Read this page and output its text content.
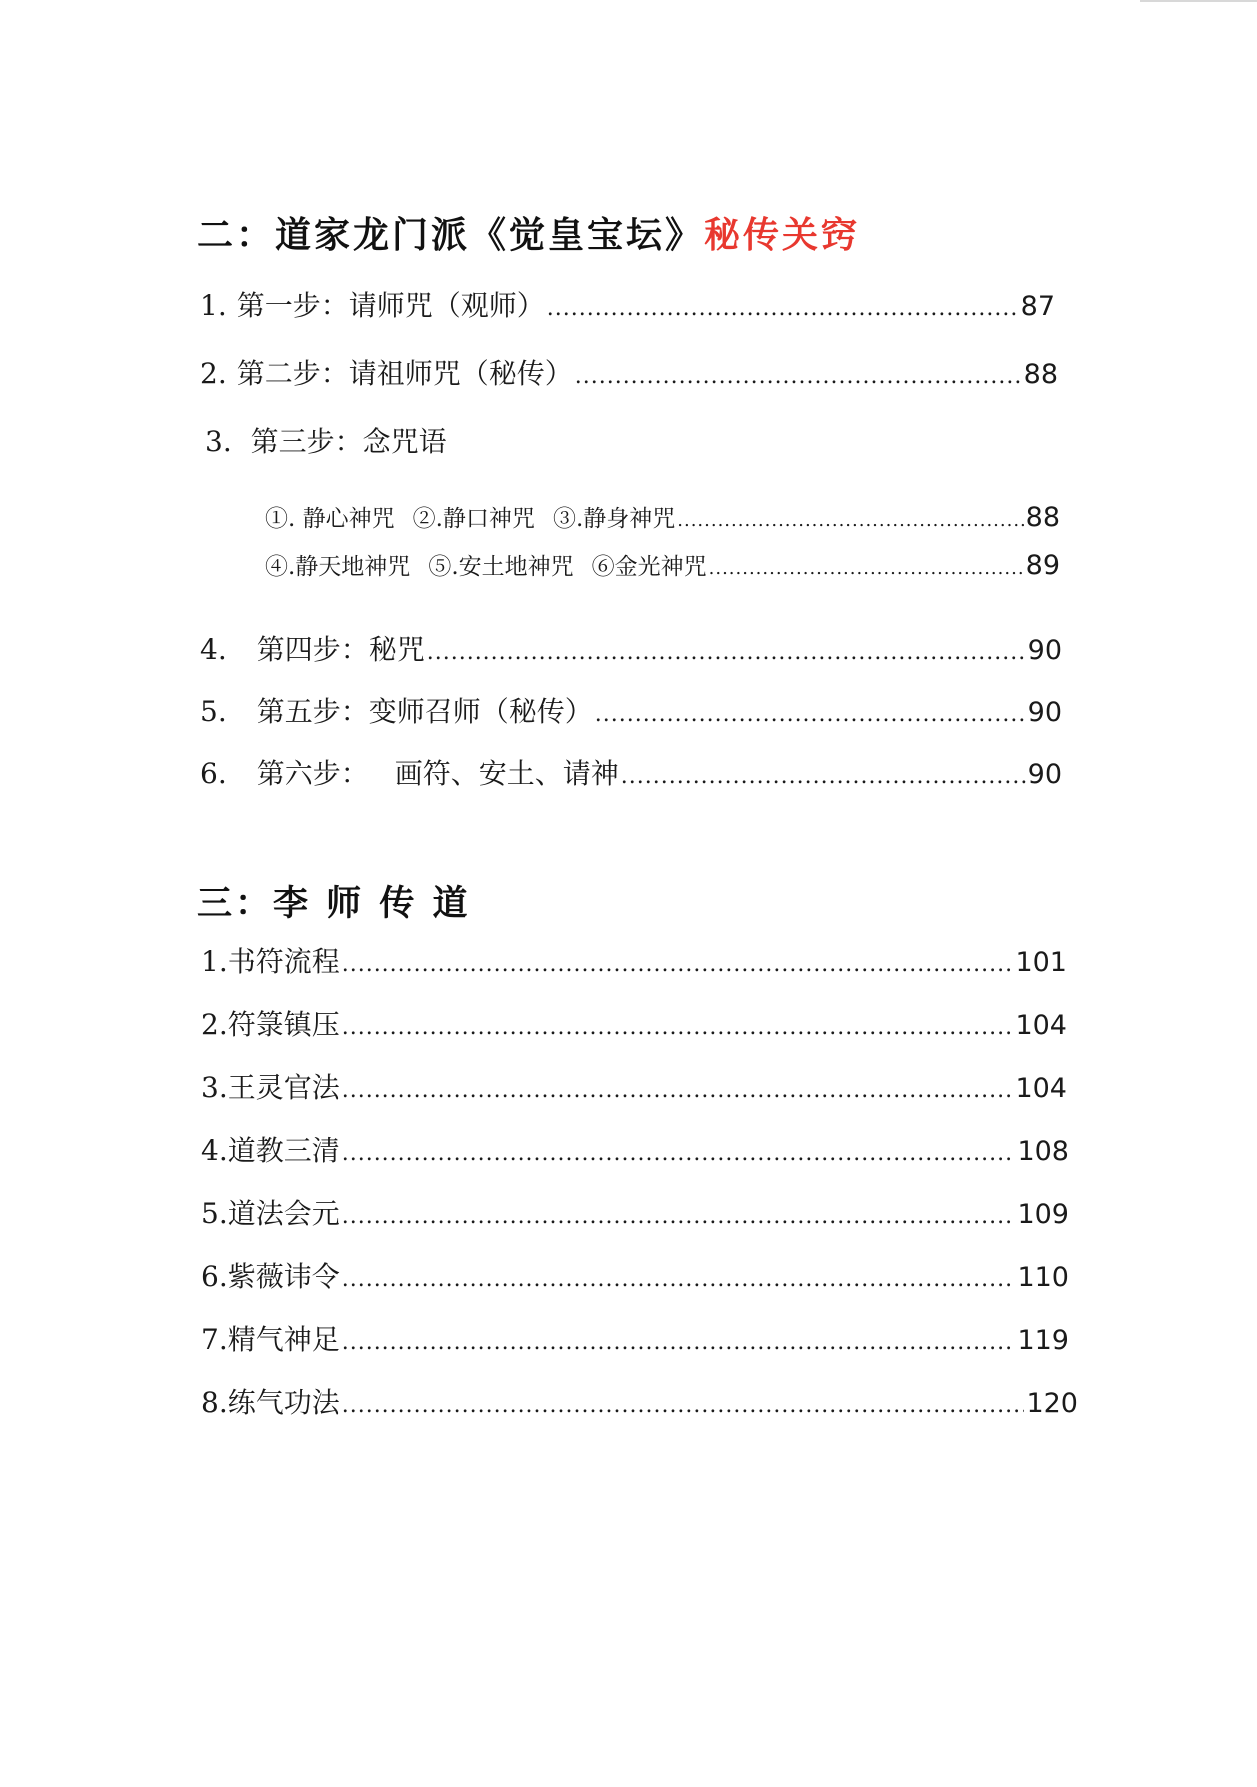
二：道家龙门派《觉皇宝坛》秘传关窍
1. 第一步：请师咒（观师） .....	87
2. 第二步：请祖师咒（秘传） .....	88
3. 第三步：念咒语
①. 静心神咒 ②.静口神咒 ③.静身神咒 .....	88
④.静天地神咒 ⑤.安土地神咒 ⑥金光神咒 .....	89
4. 第四步：秘咒 .....	90
5. 第五步：变师召师（秘传） .....	90
6. 第六步： 画符、安土、请神 .....	90
三：李 师 传 道
1.书符流程 .....	101
2.符箓镇压 .....	104
3.王灵官法 .....	104
4.道教三清 .....	108
5.道法会元 .....	109
6.紫薇讳令 .....	110
7.精气神足 .....	119
8.练气功法 .....	120
